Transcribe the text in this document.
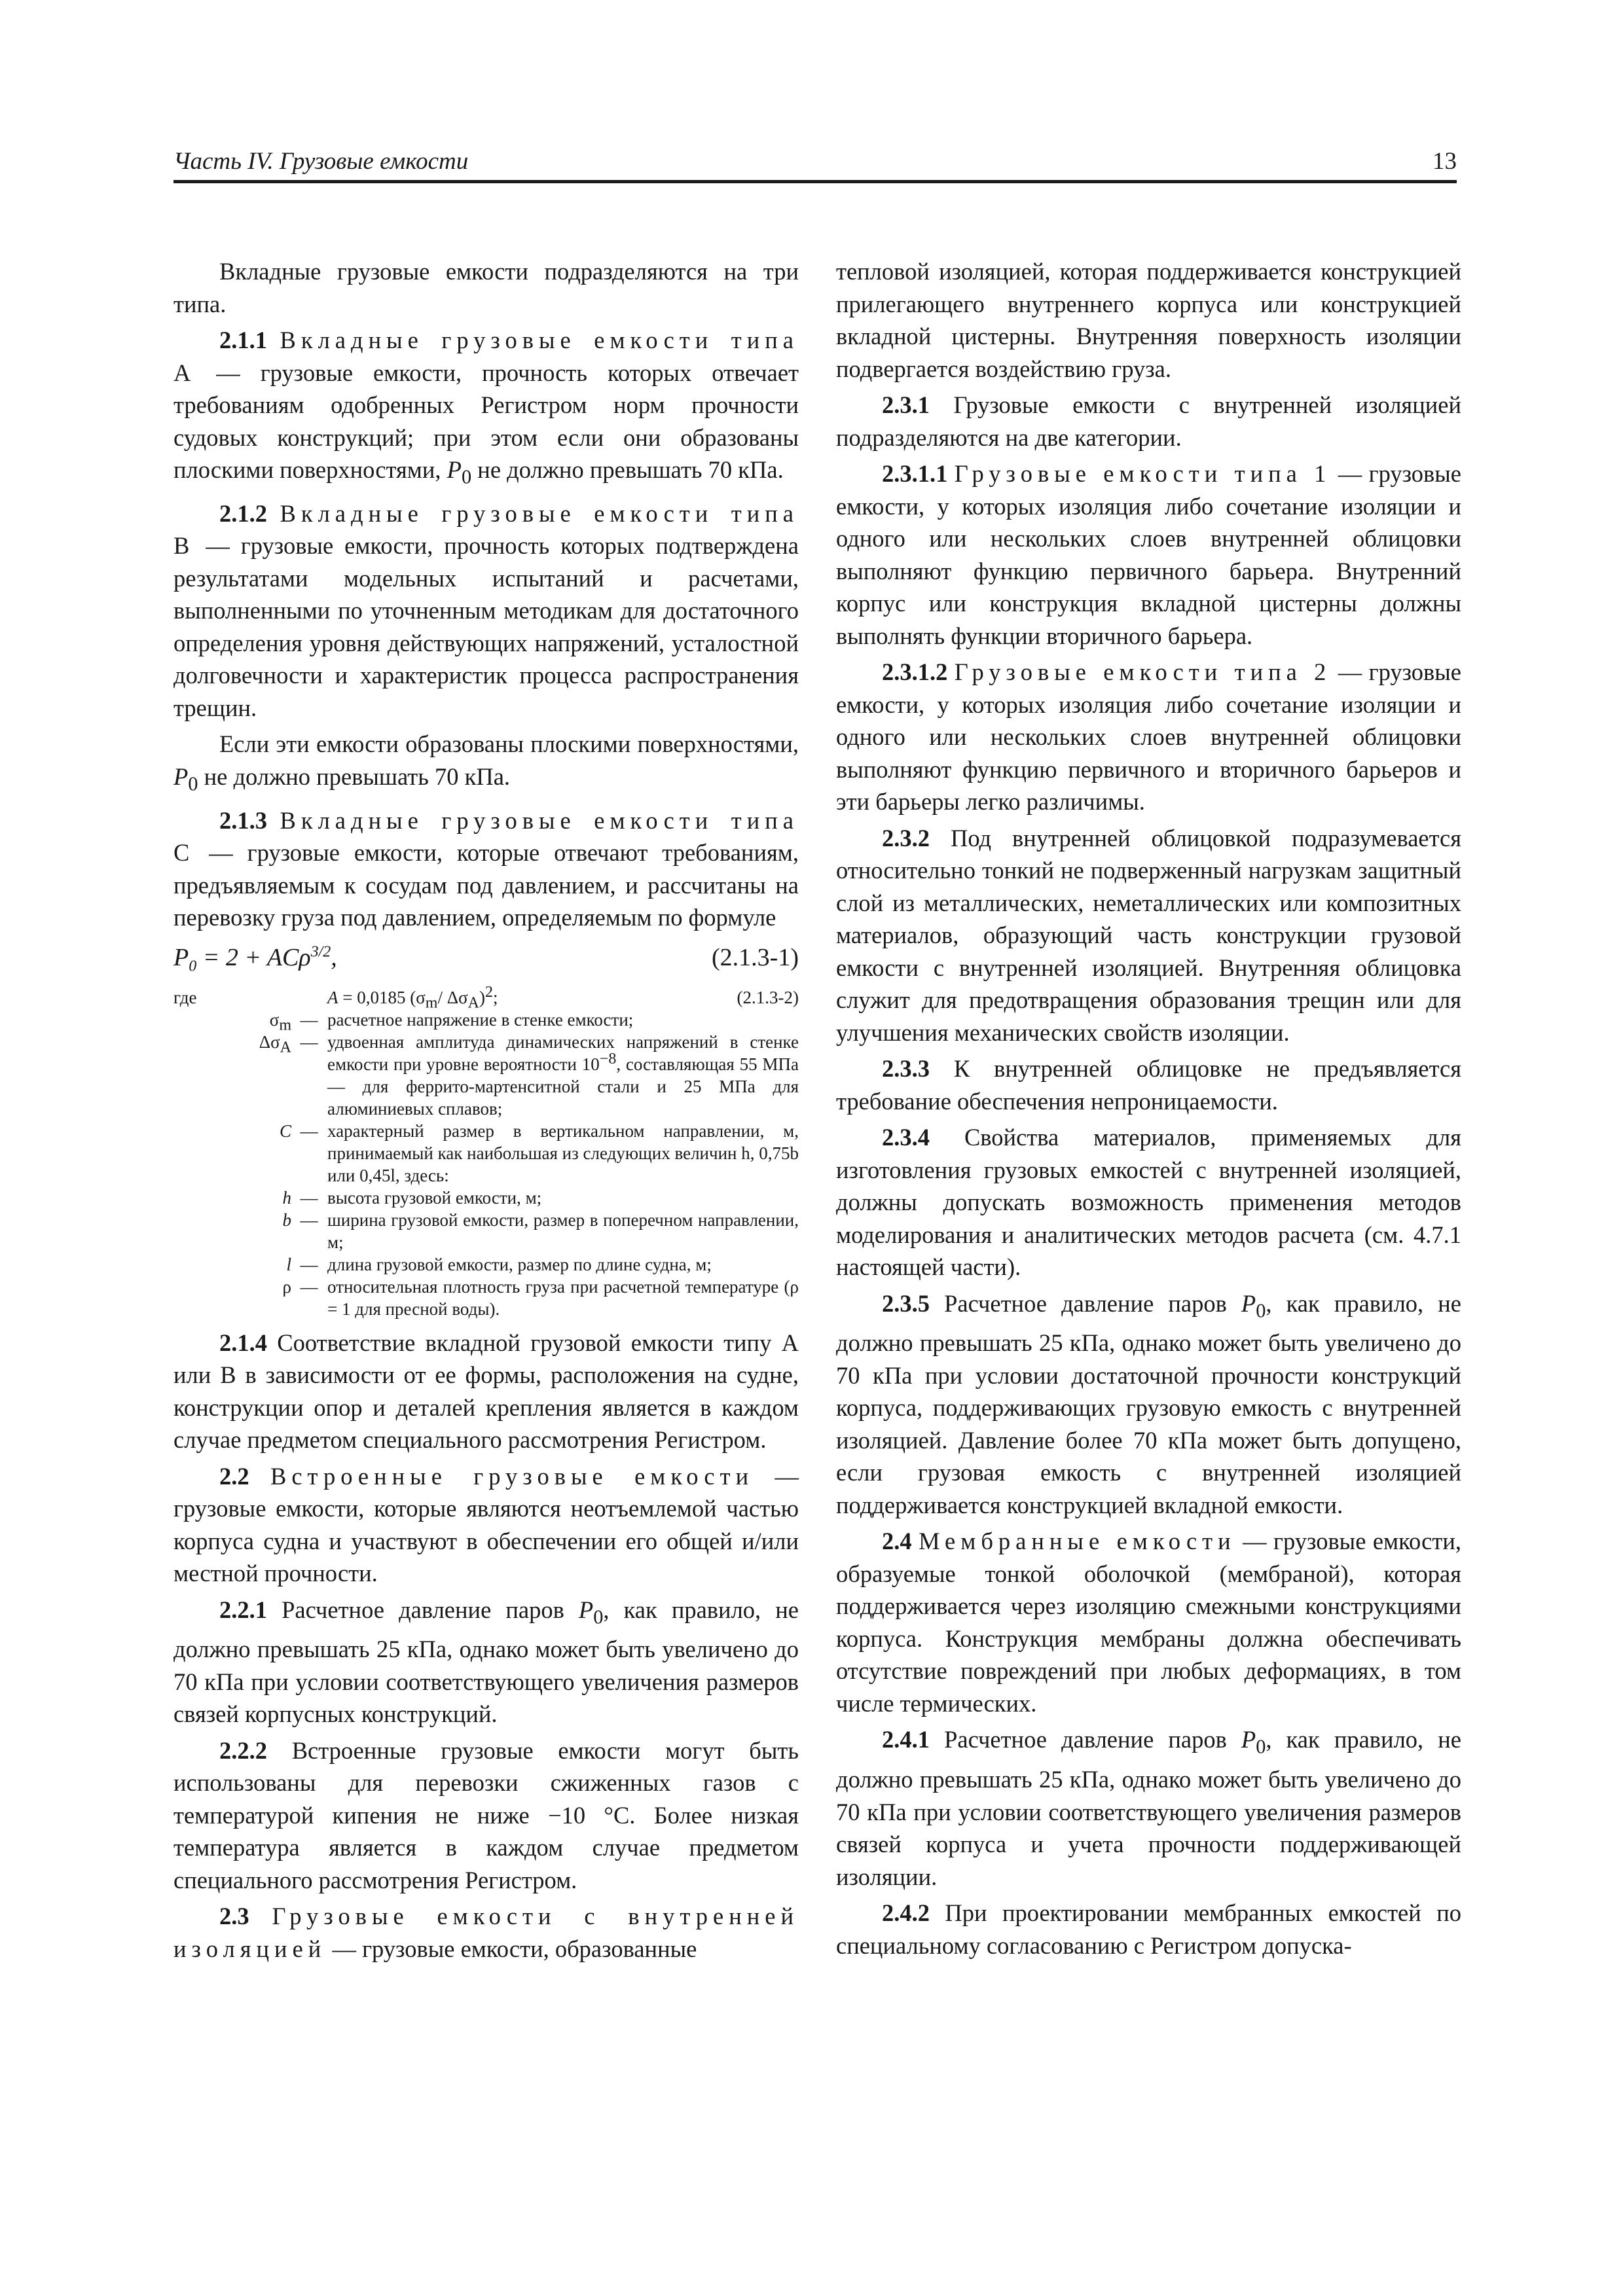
Часть IV. Грузовые емкости	13

Вкладные грузовые емкости подразделяются на три типа.

2.1.1 Вкладные грузовые емкости типа A — грузовые емкости, прочность которых отвечает требованиям одобренных Регистром норм прочности судовых конструкций; при этом если они образованы плоскими поверхностями, $P_0$ не должно превышать 70 кПа.

2.1.2 Вкладные грузовые емкости типа B — грузовые емкости, прочность которых подтверждена результатами модельных испытаний и расчетами, выполненными по уточненным методикам для достаточного определения уровня действующих напряжений, усталостной долговечности и характеристик процесса распространения трещин.

Если эти емкости образованы плоскими поверхностями, $P_0$ не должно превышать 70 кПа.

2.1.3 Вкладные грузовые емкости типа C — грузовые емкости, которые отвечают требованиям, предъявляемым к сосудам под давлением, и рассчитаны на перевозку груза под давлением, определяемым по формуле

$P_0 = 2 + AC\rho^{3/2}$,	(2.1.3-1)
где	A = 0,0185 ($\sigma_m/$ $\Delta\sigma_A)^2$;	(2.1.3-2)
$\sigma_m$ — расчетное напряжение в стенке емкости;
$\Delta\sigma_A$ — удвоенная амплитуда динамических напряжений в стенке емкости при уровне вероятности $10^{-8}$, составляющая 55 МПа — для феррито-мартенситной стали и 25 МПа для алюминиевых сплавов;
C — характерный размер в вертикальном направлении, м, принимаемый как наибольшая из следующих величин h, 0,75b или 0,45l, здесь:
h — высота грузовой емкости, м;
b — ширина грузовой емкости, размер в поперечном направлении, м;
l — длина грузовой емкости, размер по длине судна, м;
ρ — относительная плотность груза при расчетной температуре (ρ = 1 для пресной воды).

2.1.4 Соответствие вкладной грузовой емкости типу A или B в зависимости от ее формы, расположения на судне, конструкции опор и деталей крепления является в каждом случае предметом специального рассмотрения Регистром.

2.2 Встроенные грузовые емкости — грузовые емкости, которые являются неотъемлемой частью корпуса судна и участвуют в обеспечении его общей и/или местной прочности.

2.2.1 Расчетное давление паров $P_0$, как правило, не должно превышать 25 кПа, однако может быть увеличено до 70 кПа при условии соответствующего увеличения размеров связей корпусных конструкций.

2.2.2 Встроенные грузовые емкости могут быть использованы для перевозки сжиженных газов с температурой кипения не ниже −10 °C. Более низкая температура является в каждом случае предметом специального рассмотрения Регистром.

2.3 Грузовые емкости с внутренней изоляцией — грузовые емкости, образованные

тепловой изоляцией, которая поддерживается конструкцией прилегающего внутреннего корпуса или конструкцией вкладной цистерны. Внутренняя поверхность изоляции подвергается воздействию груза.

2.3.1 Грузовые емкости с внутренней изоляцией подразделяются на две категории.

2.3.1.1 Грузовые емкости типа 1 — грузовые емкости, у которых изоляция либо сочетание изоляции и одного или нескольких слоев внутренней облицовки выполняют функцию первичного барьера. Внутренний корпус или конструкция вкладной цистерны должны выполнять функции вторичного барьера.

2.3.1.2 Грузовые емкости типа 2 — грузовые емкости, у которых изоляция либо сочетание изоляции и одного или нескольких слоев внутренней облицовки выполняют функцию первичного и вторичного барьеров и эти барьеры легко различимы.

2.3.2 Под внутренней облицовкой подразумевается относительно тонкий не подверженный нагрузкам защитный слой из металлических, неметаллических или композитных материалов, образующий часть конструкции грузовой емкости с внутренней изоляцией. Внутренняя облицовка служит для предотвращения образования трещин или для улучшения механических свойств изоляции.

2.3.3 К внутренней облицовке не предъявляется требование обеспечения непроницаемости.

2.3.4 Свойства материалов, применяемых для изготовления грузовых емкостей с внутренней изоляцией, должны допускать возможность применения методов моделирования и аналитических методов расчета (см. 4.7.1 настоящей части).

2.3.5 Расчетное давление паров $P_0$, как правило, не должно превышать 25 кПа, однако может быть увеличено до 70 кПа при условии достаточной прочности конструкций корпуса, поддерживающих грузовую емкость с внутренней изоляцией. Давление более 70 кПа может быть допущено, если грузовая емкость с внутренней изоляцией поддерживается конструкцией вкладной емкости.

2.4 Мембранные емкости — грузовые емкости, образуемые тонкой оболочкой (мембраной), которая поддерживается через изоляцию смежными конструкциями корпуса. Конструкция мембраны должна обеспечивать отсутствие повреждений при любых деформациях, в том числе термических.

2.4.1 Расчетное давление паров $P_0$, как правило, не должно превышать 25 кПа, однако может быть увеличено до 70 кПа при условии соответствующего увеличения размеров связей корпуса и учета прочности поддерживающей изоляции.

2.4.2 При проектировании мембранных емкостей по специальному согласованию с Регистром допуска-
